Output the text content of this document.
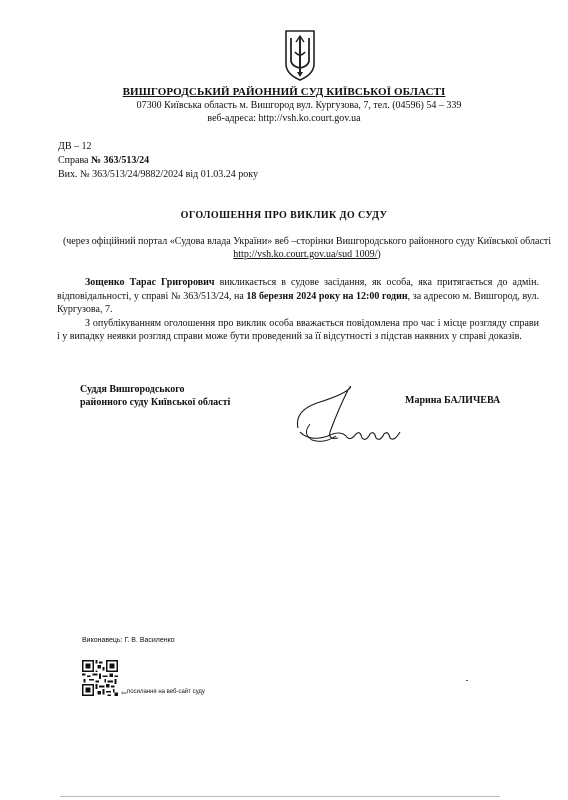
ВИШГОРОДСЬКИЙ РАЙОННИЙ СУД КИЇВСЬКОЇ ОБЛАСТІ
07300 Київська область м. Вишгород вул. Кургузова, 7, тел. (04596) 54 – 339
веб-адреса: http://vsh.ko.court.gov.ua
ДВ – 12
Справа № 363/513/24
Вих. № 363/513/24/9882/2024 від 01.03.24 року
ОГОЛОШЕННЯ ПРО ВИКЛИК ДО СУДУ
(через офіційний портал «Судова влада України» веб –сторінки Вишгородського районного суду Київської області http://vsh.ko.court.gov.ua/sud 1009/)

Зощенко Тарас Григорович викликається в судове засідання, як особа, яка притягається до адмін. відповідальності, у справі № 363/513/24, на 18 березня 2024 року на 12:00 годин, за адресою м. Вишгород, вул. Кургузова, 7.

З опублікуванням оголошення про виклик особа вважається повідомлена про час і місце розгляду справи і у випадку неявки розгляд справи може бути проведений за її відсутності з підстав наявних у справі доказів.

Суддя Вишгородського
районного суду Київської області	Марина БАЛИЧЕВА
Виконавець: Г. В. Василенко
⇦ посилання на веб-сайт суду
